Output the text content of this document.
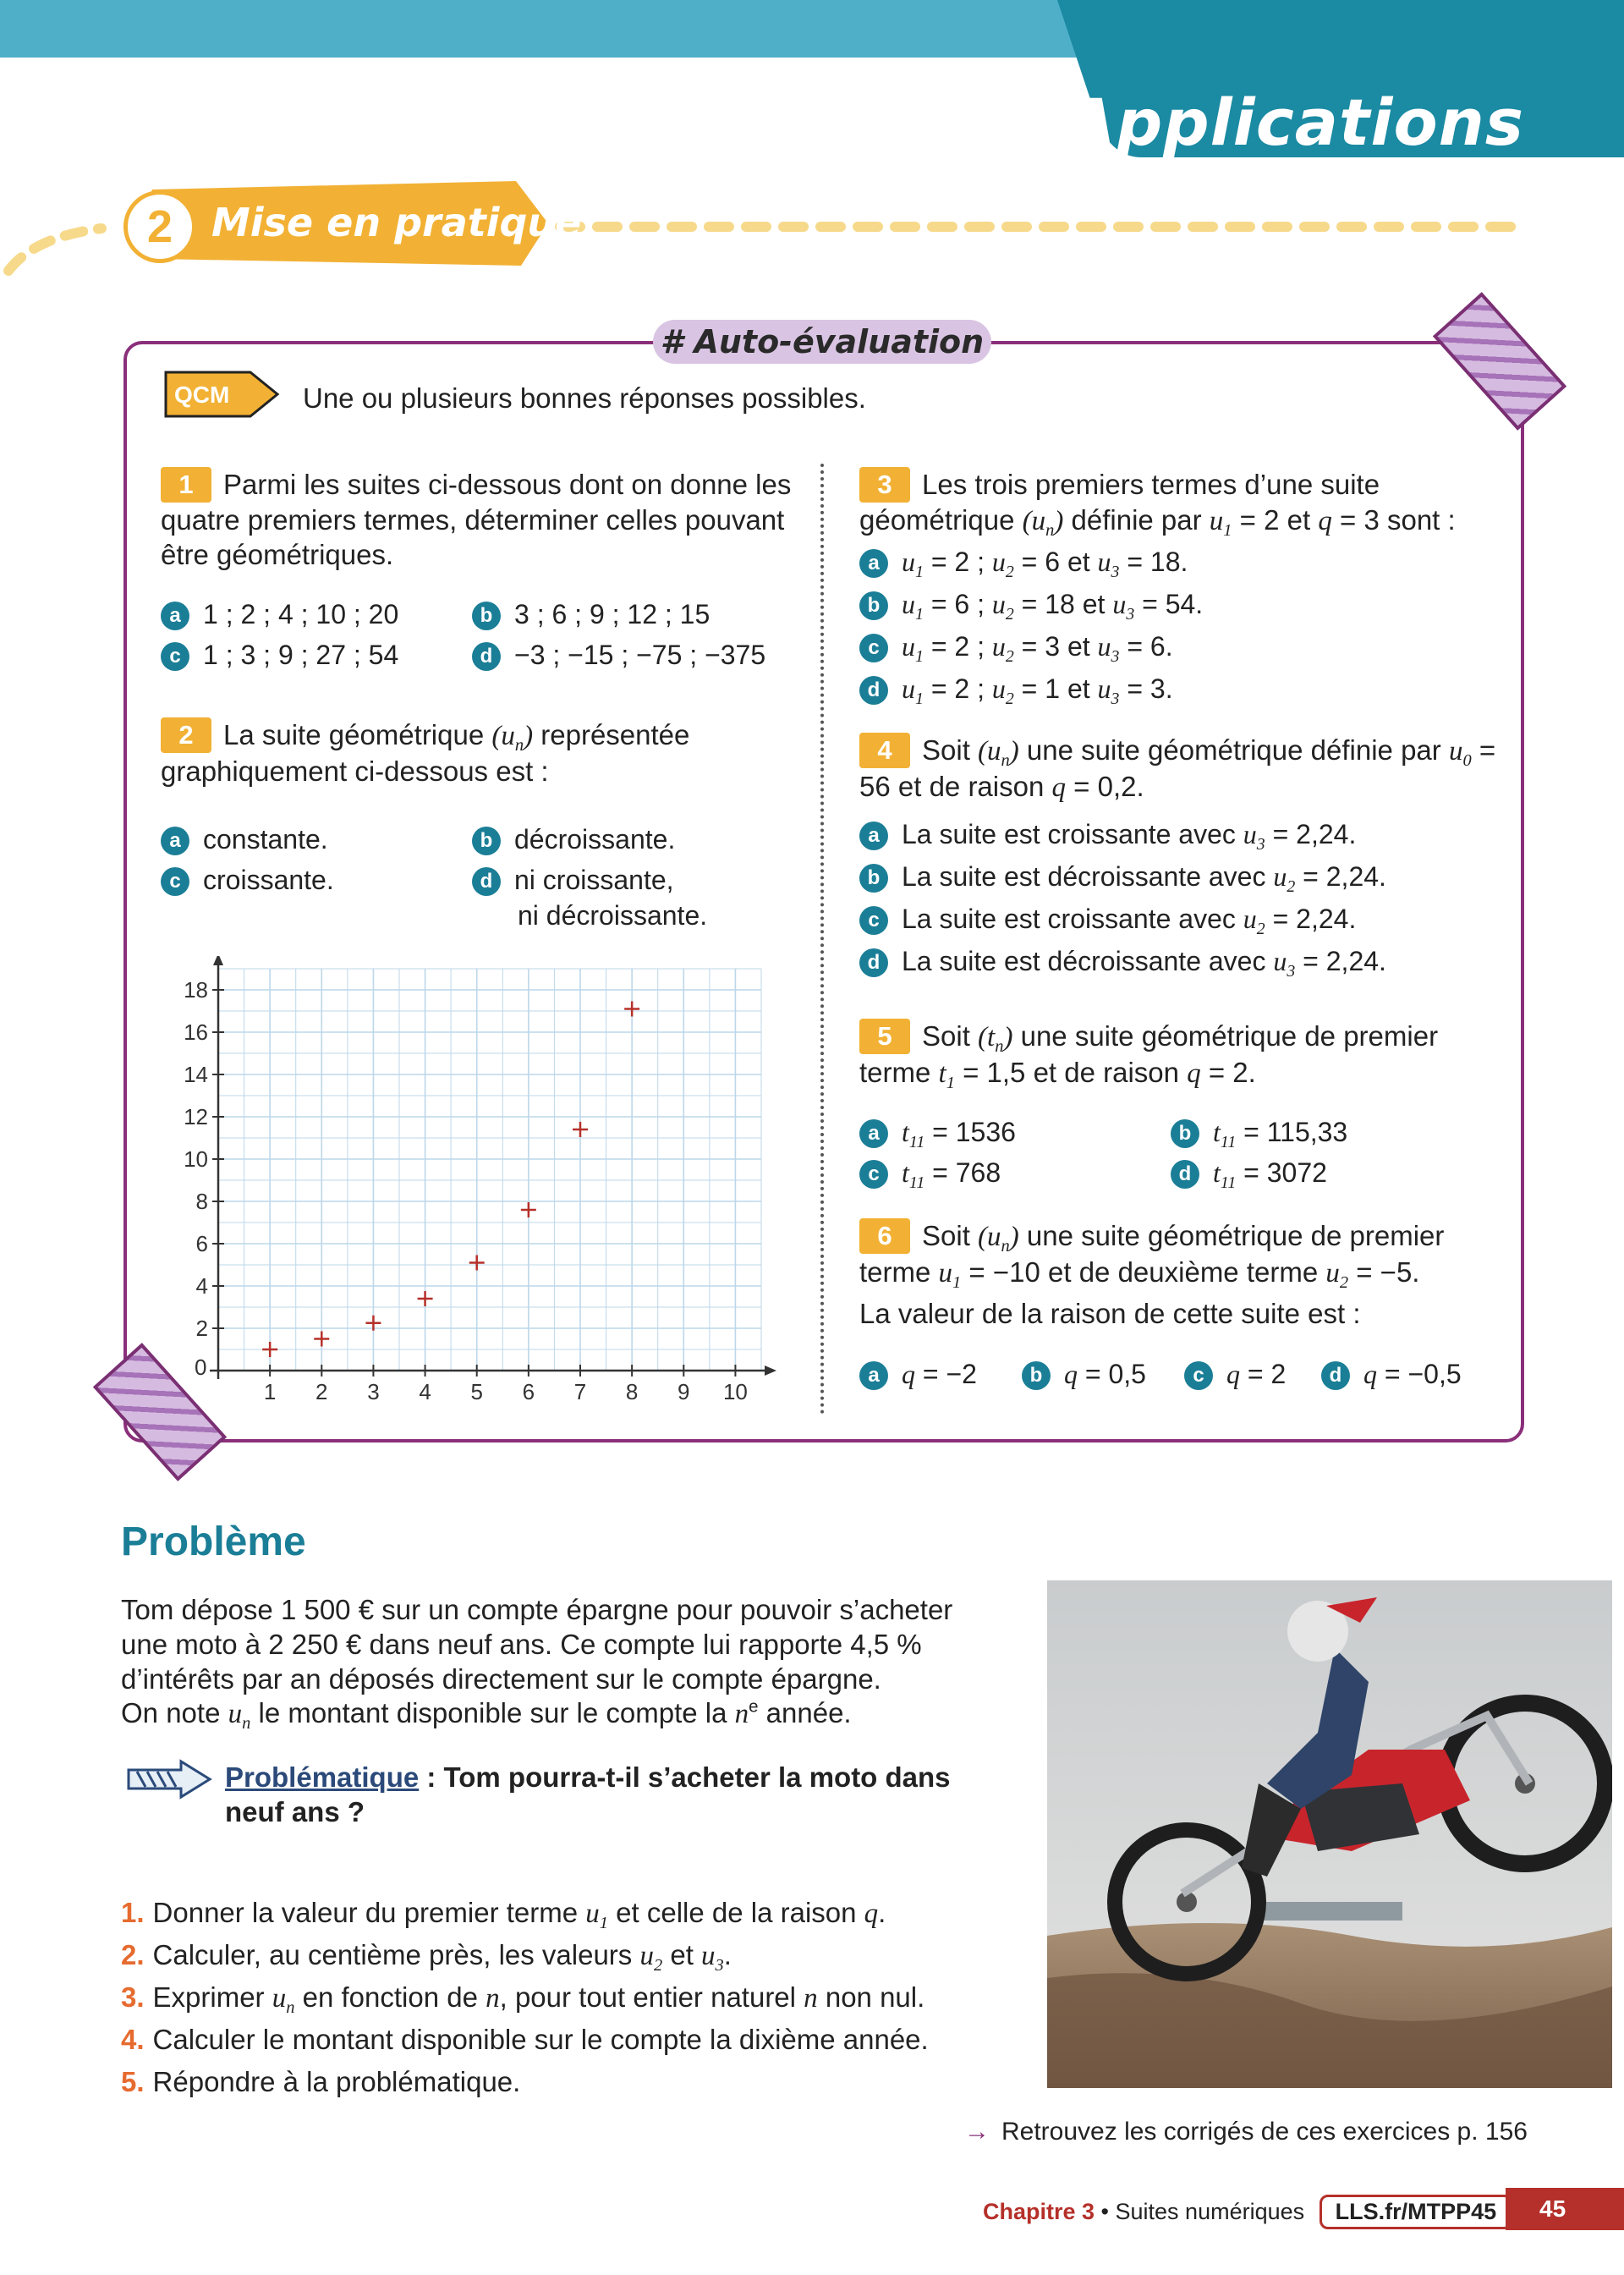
Applications
2 Mise en pratique
# Auto-évaluation
QCM	Une ou plusieurs bonnes réponses possibles.
1 Parmi les suites ci-dessous dont on donne les quatre premiers termes, déterminer celles pouvant être géométriques.
a 1 ; 2 ; 4 ; 10 ; 20	b 3 ; 6 ; 9 ; 12 ; 15
c 1 ; 3 ; 9 ; 27 ; 54	d −3 ; −15 ; −75 ; −375
2 La suite géométrique $(u_n)$ représentée graphiquement ci-dessous est :
a constante.	b décroissante.
c croissante.	d ni croissante,
ni décroissante.
0
1 2 3 4 5 6 7 8 9 10
2
4
6
8
10
12
14
16
18
3 Les trois premiers termes d’une suite géométrique $(u_n)$ définie par $u_1 = 2$ et q = 3 sont :
a $u_1 = 2$ ; $u_2 = 6$ et $u_3 = 18$.
b $u_1 = 6$ ; $u_2 = 18$ et $u_3 = 54$.
c $u_1 = 2$ ; $u_2 = 3$ et $u_3 = 6$.
d $u_1 = 2$ ; $u_2 = 1$ et $u_3 = 3$.
4 Soit $(u_n)$ une suite géométrique définie par $u_0 = 56$ et de raison q = 0,2.
a La suite est croissante avec $u_3 = 2,24$.
b La suite est décroissante avec $u_2 = 2,24$.
c La suite est croissante avec $u_2 = 2,24$.
d La suite est décroissante avec $u_3 = 2,24$.
5 Soit $(t_n)$ une suite géométrique de premier terme $t_1 = 1,5$ et de raison q = 2.
a $t_{11} = 1536$	b $t_{11} = 115,33$
c $t_{11} = 768$	d $t_{11} = 3072$
6 Soit $(u_n)$ une suite géométrique de premier terme $u_1 = -10$ et de deuxième terme $u_2 = -5$.
La valeur de la raison de cette suite est :
a q = −2	b q = 0,5	c q = 2	d q = −0,5
Problème
Tom dépose 1 500 € sur un compte épargne pour pouvoir s’acheter une moto à 2 250 € dans neuf ans. Ce compte lui rapporte 4,5 % d’intérêts par an déposés directement sur le compte épargne.
On note $u_n$ le montant disponible sur le compte la $n^e$ année.
Problématique : Tom pourra-t-il s’acheter la moto dans neuf ans ?
1. Donner la valeur du premier terme $u_1$ et celle de la raison q.
2. Calculer, au centième près, les valeurs $u_2$ et $u_3$.
3. Exprimer $u_n$ en fonction de n, pour tout entier naturel n non nul.
4. Calculer le montant disponible sur le compte la dixième année.
5. Répondre à la problématique.
→ Retrouvez les corrigés de ces exercices p. 156
Chapitre 3 • Suites numériques LLS.fr/MTPP45	45
